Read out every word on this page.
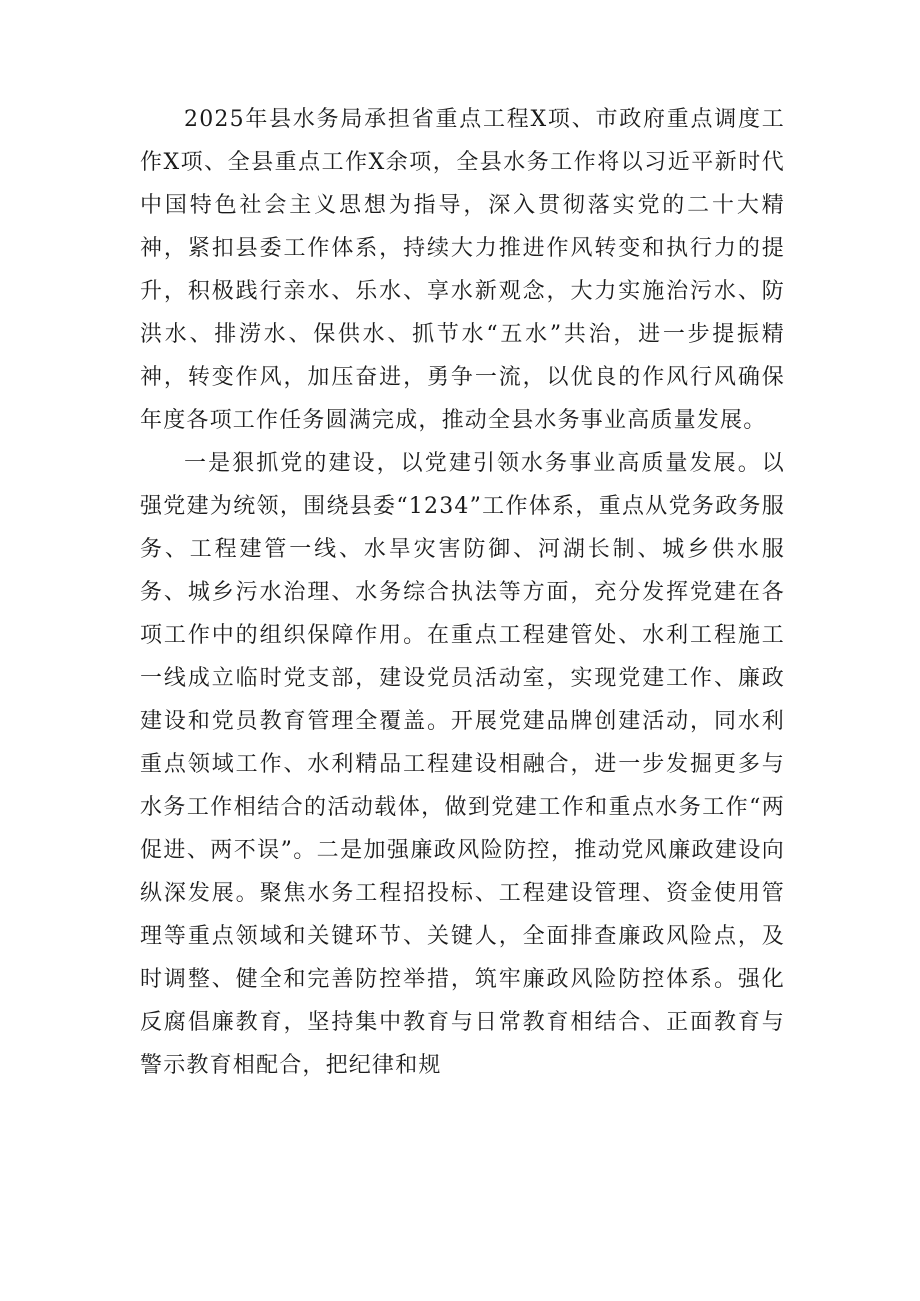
2025年县水务局承担省重点工程X项、市政府重点调度工作X项、全县重点工作X余项，全县水务工作将以习近平新时代中国特色社会主义思想为指导，深入贯彻落实党的二十大精神，紧扣县委工作体系，持续大力推进作风转变和执行力的提升，积极践行亲水、乐水、享水新观念，大力实施治污水、防洪水、排涝水、保供水、抓节水“五水”共治，进一步提振精神，转变作风，加压奋进，勇争一流，以优良的作风行风确保年度各项工作任务圆满完成，推动全县水务事业高质量发展。

一是狠抓党的建设，以党建引领水务事业高质量发展。以强党建为统领，围绕县委“1234”工作体系，重点从党务政务服务、工程建管一线、水旱灾害防御、河湖长制、城乡供水服务、城乡污水治理、水务综合执法等方面，充分发挥党建在各项工作中的组织保障作用。在重点工程建管处、水利工程施工一线成立临时党支部，建设党员活动室，实现党建工作、廉政建设和党员教育管理全覆盖。开展党建品牌创建活动，同水利重点领域工作、水利精品工程建设相融合，进一步发掘更多与水务工作相结合的活动载体，做到党建工作和重点水务工作“两促进、两不误”。二是加强廉政风险防控，推动党风廉政建设向纵深发展。聚焦水务工程招投标、工程建设管理、资金使用管理等重点领域和关键环节、关键人，全面排查廉政风险点，及时调整、健全和完善防控举措，筑牢廉政风险防控体系。强化反腐倡廉教育，坚持集中教育与日常教育相结合、正面教育与警示教育相配合，把纪律和规
